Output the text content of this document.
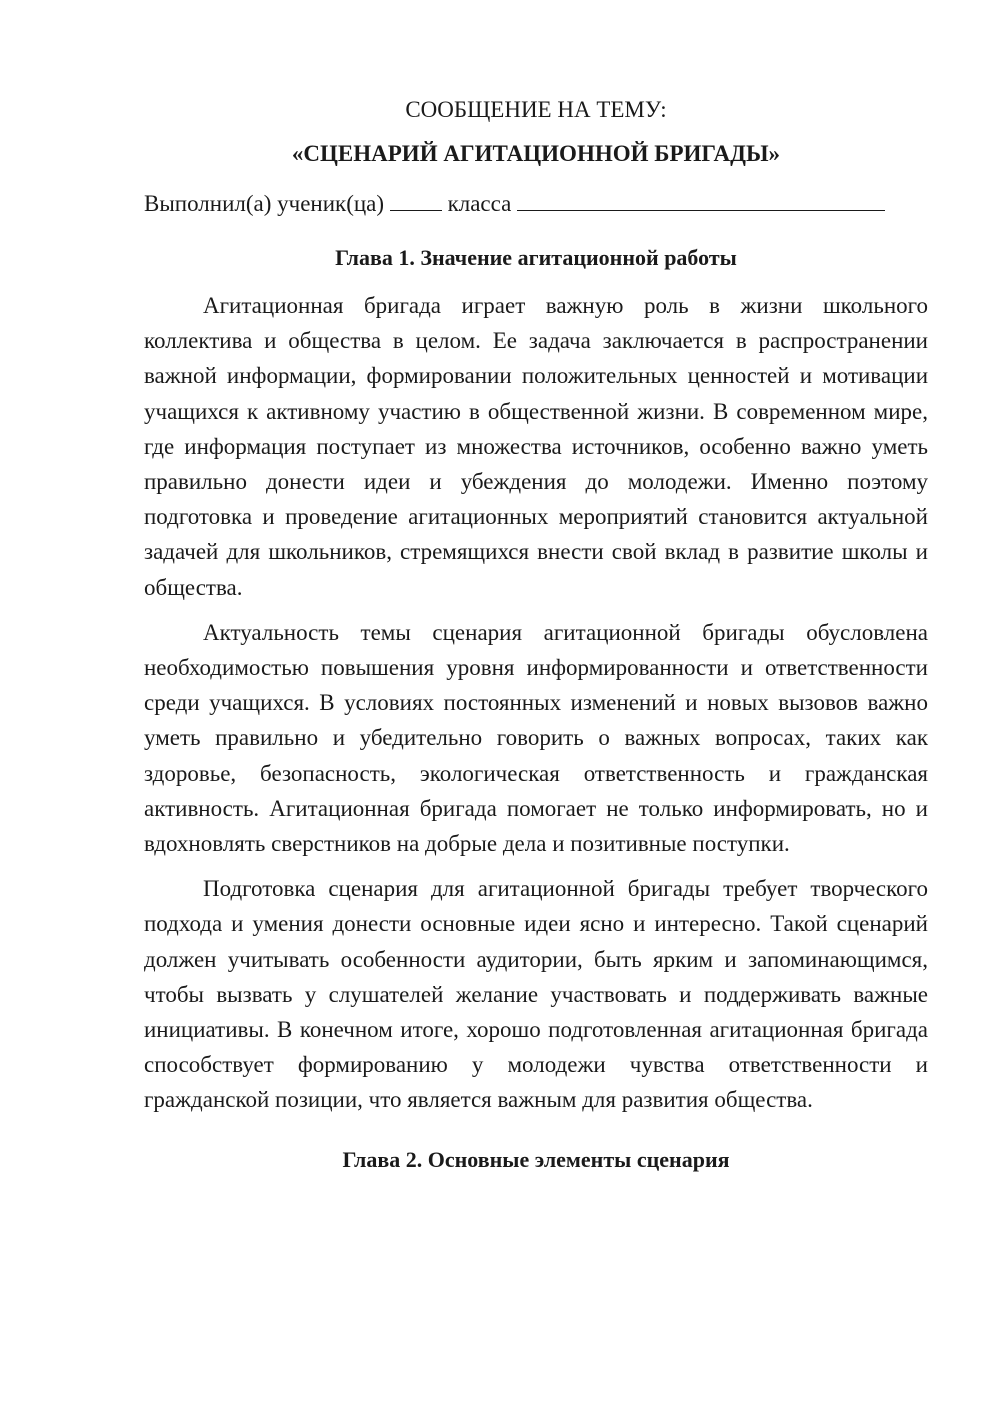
СООБЩЕНИЕ НА ТЕМУ:

«СЦЕНАРИЙ АГИТАЦИОННОЙ БРИГАДЫ»

Выполнил(а) ученик(ца)	класса

Глава 1. Значение агитационной работы

Агитационная бригада играет важную роль в жизни школьного коллектива и общества в целом. Ее задача заключается в распространении важной информации, формировании положительных ценностей и мотивации учащихся к активному участию в общественной жизни. В современном мире, где информация поступает из множества источников, особенно важно уметь правильно донести идеи и убеждения до молодежи. Именно поэтому подготовка и проведение агитационных мероприятий становится актуальной задачей для школьников, стремящихся внести свой вклад в развитие школы и общества.

Актуальность темы сценария агитационной бригады обусловлена необходимостью повышения уровня информированности и ответственности среди учащихся. В условиях постоянных изменений и новых вызовов важно уметь правильно и убедительно говорить о важных вопросах, таких как здоровье, безопасность, экологическая ответственность и гражданская активность. Агитационная бригада помогает не только информировать, но и вдохновлять сверстников на добрые дела и позитивные поступки.

Подготовка сценария для агитационной бригады требует творческого подхода и умения донести основные идеи ясно и интересно. Такой сценарий должен учитывать особенности аудитории, быть ярким и запоминающимся, чтобы вызвать у слушателей желание участвовать и поддерживать важные инициативы. В конечном итоге, хорошо подготовленная агитационная бригада способствует формированию у молодежи чувства ответственности и гражданской позиции, что является важным для развития общества.

Глава 2. Основные элементы сценария
